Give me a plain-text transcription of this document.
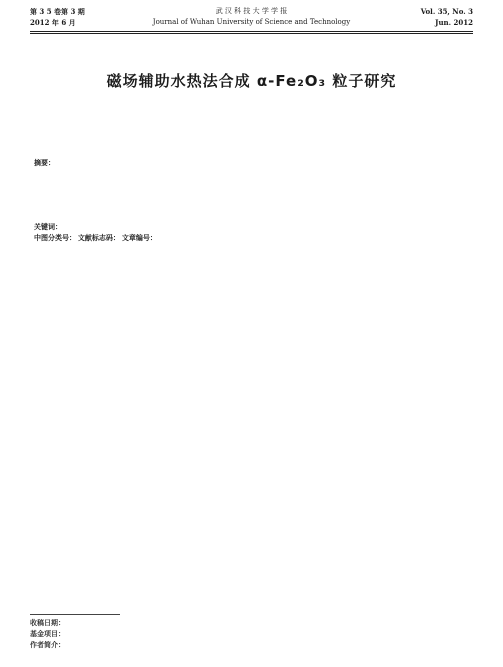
第 3 5 卷第 3 期
2012 年 6 月
武 汉 科 技 大 学 学 报
Journal of Wuhan University of Science and Technology
Vol. 35, No. 3
Jun. 2012
磁场辅助水热法合成 α-Fe₂O₃ 粒子研究
摘要：
关键词：
中图分类号： 文献标志码： 文章编号：
收稿日期：
基金项目：
作者简介：
